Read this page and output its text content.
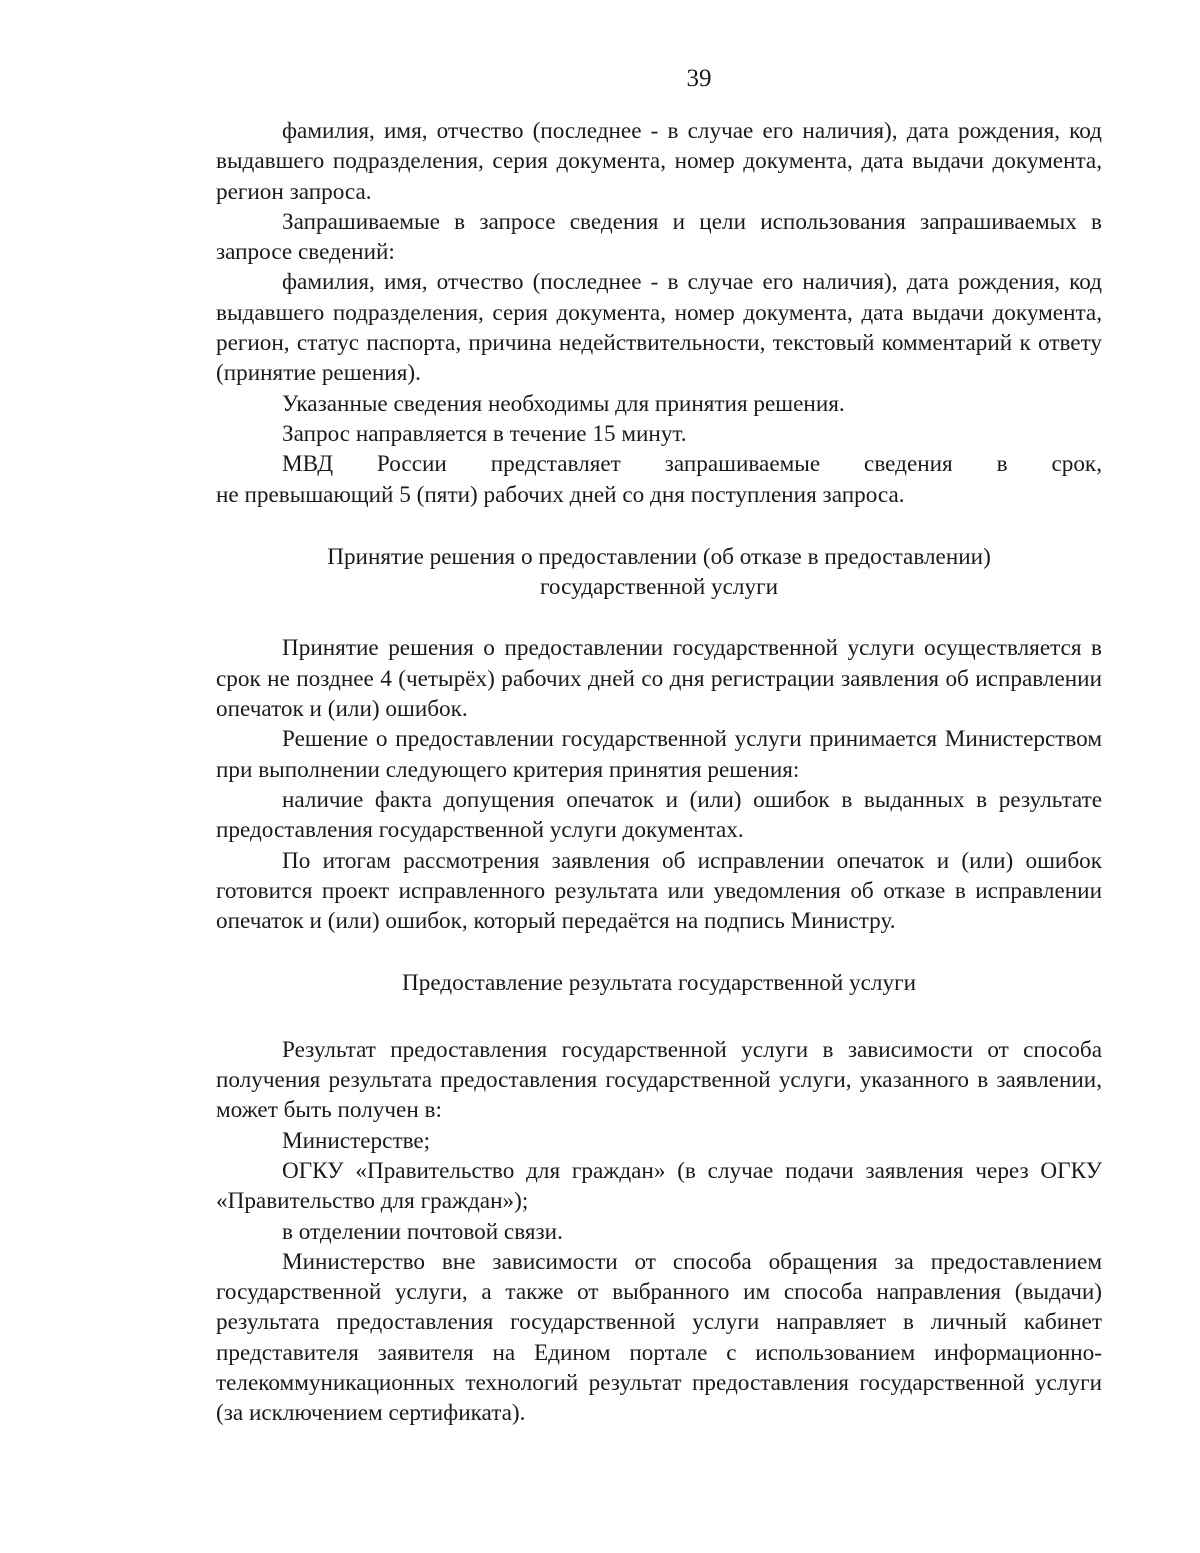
39

фамилия, имя, отчество (последнее - в случае его наличия), дата рождения, код выдавшего подразделения, серия документа, номер документа, дата выдачи документа, регион запроса.

Запрашиваемые в запросе сведения и цели использования запрашиваемых в запросе сведений:

фамилия, имя, отчество (последнее - в случае его наличия), дата рождения, код выдавшего подразделения, серия документа, номер документа, дата выдачи документа, регион, статус паспорта, причина недействительности, текстовый комментарий к ответу (принятие решения).

Указанные сведения необходимы для принятия решения.

Запрос направляется в течение 15 минут.

МВД России представляет запрашиваемые сведения в срок,

не превышающий 5 (пяти) рабочих дней со дня поступления запроса.

Принятие решения о предоставлении (об отказе в предоставлении)
государственной услуги

Принятие решения о предоставлении государственной услуги осуществляется в срок не позднее 4 (четырёх) рабочих дней со дня регистрации заявления об исправлении опечаток и (или) ошибок.

Решение о предоставлении государственной услуги принимается Министерством при выполнении следующего критерия принятия решения:

наличие факта допущения опечаток и (или) ошибок в выданных в результате предоставления государственной услуги документах.

По итогам рассмотрения заявления об исправлении опечаток и (или) ошибок готовится проект исправленного результата или уведомления об отказе в исправлении опечаток и (или) ошибок, который передаётся на подпись Министру.

Предоставление результата государственной услуги

Результат предоставления государственной услуги в зависимости от способа получения результата предоставления государственной услуги, указанного в заявлении, может быть получен в:

Министерстве;

ОГКУ «Правительство для граждан» (в случае подачи заявления через ОГКУ «Правительство для граждан»);

в отделении почтовой связи.

Министерство вне зависимости от способа обращения за предоставлением государственной услуги, а также от выбранного им способа направления (выдачи) результата предоставления государственной услуги направляет в личный кабинет представителя заявителя на Едином портале с использованием информационно-телекоммуникационных технологий результат предоставления государственной услуги (за исключением сертификата).
